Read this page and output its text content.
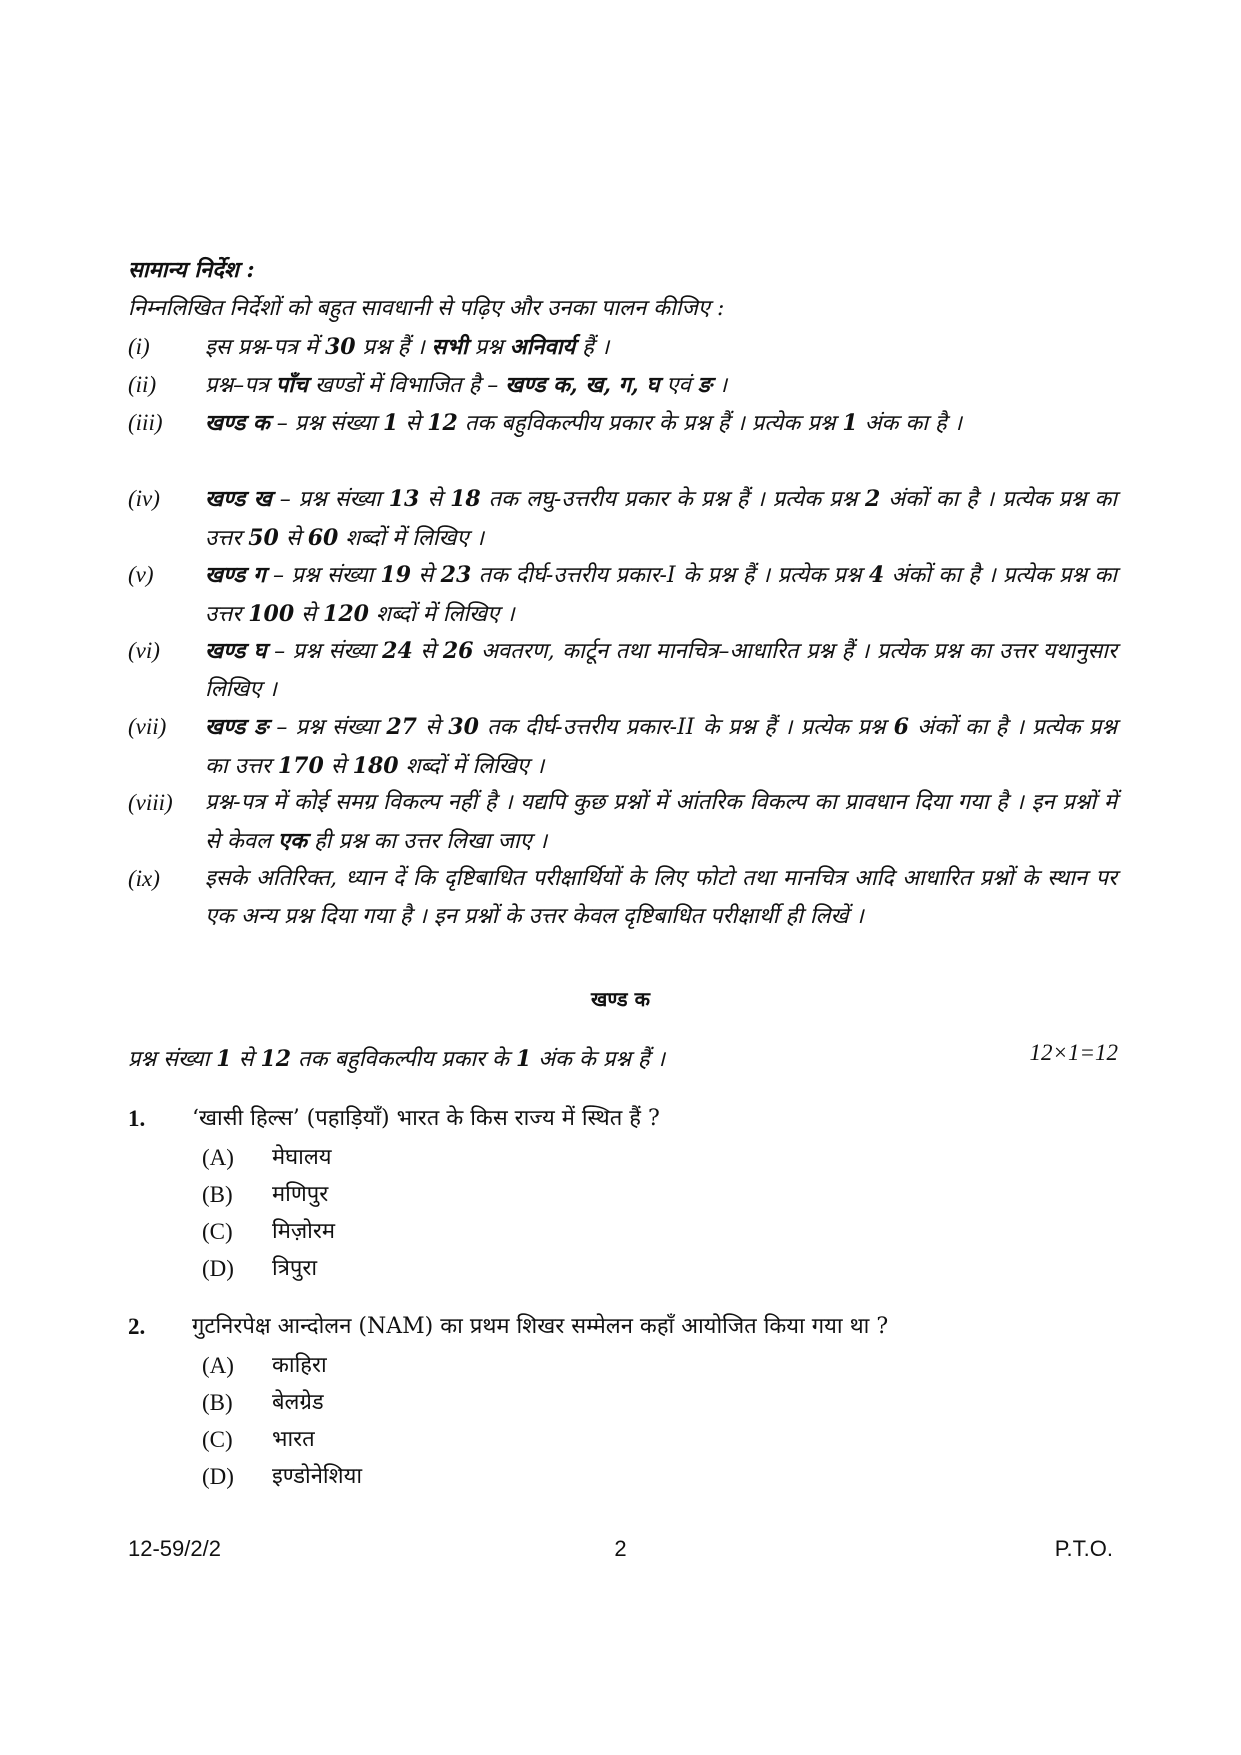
सामान्य निर्देश :
निम्नलिखित निर्देशों को बहुत सावधानी से पढ़िए और उनका पालन कीजिए :
(i)	इस प्रश्न-पत्र में 30 प्रश्न हैं । सभी प्रश्न अनिवार्य हैं ।
(ii)	प्रश्न–पत्र पाँच खण्डों में विभाजित है – खण्ड क, ख, ग, घ एवं ङ ।
(iii)	खण्ड क – प्रश्न संख्या 1 से 12 तक बहुविकल्पीय प्रकार के प्रश्न हैं । प्रत्येक प्रश्न 1 अंक का है ।
(iv)	खण्ड ख – प्रश्न संख्या 13 से 18 तक लघु-उत्तरीय प्रकार के प्रश्न हैं । प्रत्येक प्रश्न 2 अंकों का है । प्रत्येक प्रश्न का उत्तर 50 से 60 शब्दों में लिखिए ।
(v)	खण्ड ग – प्रश्न संख्या 19 से 23 तक दीर्घ-उत्तरीय प्रकार-I के प्रश्न हैं । प्रत्येक प्रश्न 4 अंकों का है । प्रत्येक प्रश्न का उत्तर 100 से 120 शब्दों में लिखिए ।
(vi)	खण्ड घ – प्रश्न संख्या 24 से 26 अवतरण, कार्टून तथा मानचित्र–आधारित प्रश्न हैं । प्रत्येक प्रश्न का उत्तर यथानुसार लिखिए ।
(vii)	खण्ड ङ – प्रश्न संख्या 27 से 30 तक दीर्घ-उत्तरीय प्रकार-II के प्रश्न हैं । प्रत्येक प्रश्न 6 अंकों का है । प्रत्येक प्रश्न का उत्तर 170 से 180 शब्दों में लिखिए ।
(viii)	प्रश्न-पत्र में कोई समग्र विकल्प नहीं है । यद्यपि कुछ प्रश्नों में आंतरिक विकल्प का प्रावधान दिया गया है । इन प्रश्नों में से केवल एक ही प्रश्न का उत्तर लिखा जाए ।
(ix)	इसके अतिरिक्त, ध्यान दें कि दृष्टिबाधित परीक्षार्थियों के लिए फोटो तथा मानचित्र आदि आधारित प्रश्नों के स्थान पर एक अन्य प्रश्न दिया गया है । इन प्रश्नों के उत्तर केवल दृष्टिबाधित परीक्षार्थी ही लिखें ।
खण्ड क
प्रश्न संख्या 1 से 12 तक बहुविकल्पीय प्रकार के 1 अंक के प्रश्न हैं ।	12×1=12
1. ‘खासी हिल्स’ (पहाड़ियाँ) भारत के किस राज्य में स्थित हैं ?
(A) मेघालय
(B) मणिपुर
(C) मिज़ोरम
(D) त्रिपुरा
2. गुटनिरपेक्ष आन्दोलन (NAM) का प्रथम शिखर सम्मेलन कहाँ आयोजित किया गया था ?
(A) काहिरा
(B) बेलग्रेड
(C) भारत
(D) इण्डोनेशिया
12-59/2/2	2	P.T.O.
